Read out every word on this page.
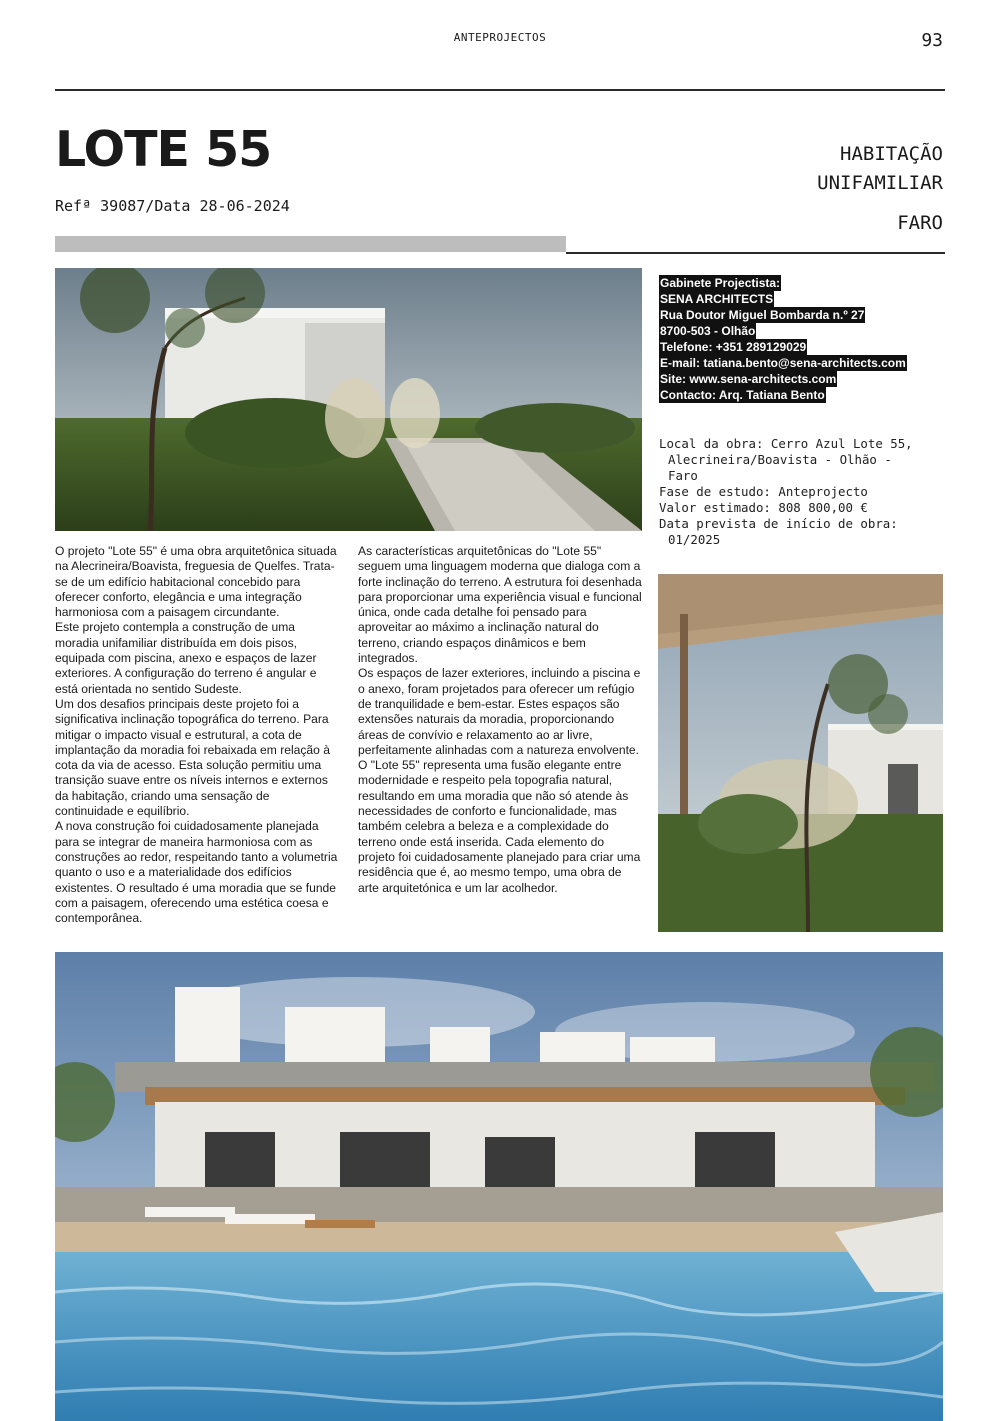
ANTEPROJECTOS	93
LOTE 55
Refª 39087/Data 28-06-2024
HABITAÇÃO
UNIFAMILIAR
FARO
Gabinete Projectista:
SENA ARCHITECTS
Rua Doutor Miguel Bombarda n.º 27
8700-503 - Olhão
Telefone: +351 289129029
E-mail: tatiana.bento@sena-architects.com
Site: www.sena-architects.com
Contacto: Arq. Tatiana Bento
Local da obra: Cerro Azul Lote 55,
Alecrineira/Boavista - Olhão -
Faro
Fase de estudo: Anteprojecto
Valor estimado: 808 800,00 €
Data prevista de início de obra:
01/2025

O projeto "Lote 55" é uma obra arquitetônica situada na Alecrineira/Boavista, freguesia de Quelfes. Trata-se de um edifício habitacional concebido para oferecer conforto, elegância e uma integração harmoniosa com a paisagem circundante.

Este projeto contempla a construção de uma moradia unifamiliar distribuída em dois pisos, equipada com piscina, anexo e espaços de lazer exteriores. A configuração do terreno é angular e está orientada no sentido Sudeste.

Um dos desafios principais deste projeto foi a significativa inclinação topográfica do terreno. Para mitigar o impacto visual e estrutural, a cota de implantação da moradia foi rebaixada em relação à cota da via de acesso. Esta solução permitiu uma transição suave entre os níveis internos e externos da habitação, criando uma sensação de continuidade e equilíbrio.

A nova construção foi cuidadosamente planejada para se integrar de maneira harmoniosa com as construções ao redor, respeitando tanto a volumetria quanto o uso e a materialidade dos edifícios existentes. O resultado é uma moradia que se funde com a paisagem, oferecendo uma estética coesa e contemporânea.

As características arquitetônicas do "Lote 55" seguem uma linguagem moderna que dialoga com a forte inclinação do terreno. A estrutura foi desenhada para proporcionar uma experiência visual e funcional única, onde cada detalhe foi pensado para aproveitar ao máximo a inclinação natural do terreno, criando espaços dinâmicos e bem integrados.

Os espaços de lazer exteriores, incluindo a piscina e o anexo, foram projetados para oferecer um refúgio de tranquilidade e bem-estar. Estes espaços são extensões naturais da moradia, proporcionando áreas de convívio e relaxamento ao ar livre, perfeitamente alinhadas com a natureza envolvente.

O "Lote 55" representa uma fusão elegante entre modernidade e respeito pela topografia natural, resultando em uma moradia que não só atende às necessidades de conforto e funcionalidade, mas também celebra a beleza e a complexidade do terreno onde está inserida. Cada elemento do projeto foi cuidadosamente planejado para criar uma residência que é, ao mesmo tempo, uma obra de arte arquitetónica e um lar acolhedor.
